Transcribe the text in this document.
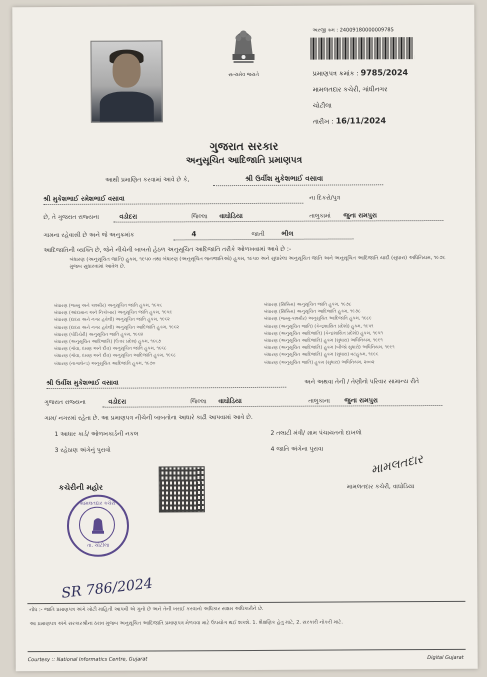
સત્યમેવ જયતે
અરજી ક્રમ : 24009180000009785
પ્રમાણપત્ર ક્રમાંક : 9785/2024
મામલતદાર કચેરી, ગાંધીનગર
ચોટીલા
તારીખ : 16/11/2024
ગુજરાત સરકાર
અનુસૂચિત આદિજાતિ પ્રમાણપત્ર
આથી પ્રમાણિત કરવામાં આવે છે કે,	શ્રી ઉર્વીશ મુકેશભાઈ વસાવા
શ્રી મુકેશભાઈ રમેશભાઈ વસાવા	ના દિકરો/પુત્ર
છે, તે ગુજરાત રાજ્યના	વડોદરા	જિલ્લા વાઘોડિયા	તાલુકામાં જુના રામપુરા
ગામના રહેવાસી છે અને જે અનુક્રમાંક	4	જાતી	ભીલ
આદિજાતિની વ્યક્તિ છે, જેને નીચેની બાબતો હેઠળ અનુસૂચિત આદિજાતિ તરીકે ઓળખવામાં આવે છે :-
બંધારણ (અનુસૂચિત જાતિ) હુકમ, ૧૯૫૦ તથા બંધારણ (અનુસૂચિત જનજાતિઓ) હુકમ, ૧૯૫૦ અને સુધારેલા અનુસૂચિત જાતિ અને અનુસૂચિત આદિજાતિ યાદી (સુધારા) અધિનિયમ, ૧૯૭૬ મુજબ સુધારવામાં આવેલ છે.
બંધારણ (જમ્મુ અને કાશ્મીર) અનુસૂચિત જાતિ હુકમ, ૧૯૫૬
બંધારણ (આંદામાન અને નિકોબાર) અનુસૂચિત જાતિ હુકમ, ૧૯૫૯
બંધારણ (દાદરા અને નગર હવેલી) અનુસૂચિત જાતિ હુકમ, ૧૯૬૨
બંધારણ (દાદરા અને નગર હવેલી) અનુસૂચિત આદિજાતિ હુકમ, ૧૯૬૨
બંધારણ (પોંડિચેરી) અનુસૂચિત જાતિ હુકમ, ૧૯૬૪
બંધારણ (અનુસૂચિત આદિજાતિ) (ઉત્તર પ્રદેશ) હુકમ, ૧૯૬૭
બંધારણ (ગોવા, દમણ અને દીવ) અનુસૂચિત જાતિ હુકમ, ૧૯૬૮
બંધારણ (ગોવા, દમણ અને દીવ) અનુસૂચિત આદિજાતિ હુકમ, ૧૯૬૮
બંધારણ (નાગાલેન્ડ) અનુસૂચિત આદિજાતિ હુકમ, ૧૯૭૦
બંધારણ (સિક્કિમ) અનુસૂચિત જાતિ હુકમ, ૧૯૭૮
બંધારણ (સિક્કિમ) અનુસૂચિત આદિજાતિ હુકમ, ૧૯૭૮
બંધારણ (જમ્મુ-કાશ્મીર) અનુસૂચિત આદિજાતિ હુકમ, ૧૯૮૯
બંધારણ (અનુસૂચિત જાતિ) (કેન્દ્રશાસિત પ્રદેશો) હુકમ, ૧૯૫૧
બંધારણ (અનુસૂચિત આદિજાતિ) (કેન્દ્રશાસિત પ્રદેશો) હુકમ, ૧૯૫૧
બંધારણ (અનુસૂચિત આદિજાતિ) હુકમ (સુધારા) અધિનિયમ, ૧૯૯૧
બંધારણ (અનુસૂચિત આદિજાતિ) હુકમ (બીજો સુધારો) અધિનિયમ, ૧૯૯૧
બંધારણ (અનુસૂચિત આદિજાતિ) હુકમ (સુધારા) વટહુકમ, ૧૯૯૬
બંધારણ (અનુસૂચિત જાતિ) હુકમ (સુધારા) અધિનિયમ, ૨૦૦૨
શ્રી ઉર્વીશ મુકેશભાઈ વસાવા	અને અથવા તેની / તેણીનો પરિવાર સામાન્ય રીતે
ગુજરાત રાજ્યના	વડોદરા	જિલ્લા વાઘોડિયા	તાલુકાના જુના રામપુરા
ગામ/ નગરમાં રહેતા છે. આ પ્રમાણપત્ર નીચેની બાબતોના આધારે કાઢી આપવામાં આવે છે.
1 આધાર કાર્ડ/ ઓળખકાર્ડની નકલ	2 તલાટી મંત્રી/ ગ્રામ પંચાયતનો દાખલો
3 રહેઠાણ અંગેનું પુરાવો	4 જાતિ અંગેના પુરાવા
કચેરીની મહોર
મામલતદાર કચેરી
તા. ચોટીલા
મામલતદાર
મામલતદાર કચેરી, વાઘોડિયા
SR 786/2024
નોંધ :- જાતિ પ્રમાણપત્ર અંગે ખોટી માહિતી આપવી એ ગુનો છે અને તેની ખરાઈ કરવાનો અધિકાર સક્ષમ અધિકારીને છે.
આ પ્રમાણપત્ર અંગે સરકારશ્રીના ઠરાવ મુજબ અનુસૂચિત આદિજાતિ પ્રમાણપત્ર મેળવવા માટે ઉપયોગ થઈ શકશે. 1. શૈક્ષણિક હેતુ માટે, 2. સરકારી નોકરી માટે.
Courtesy :: National Informatics Centre, Gujarat	Digital Gujarat
